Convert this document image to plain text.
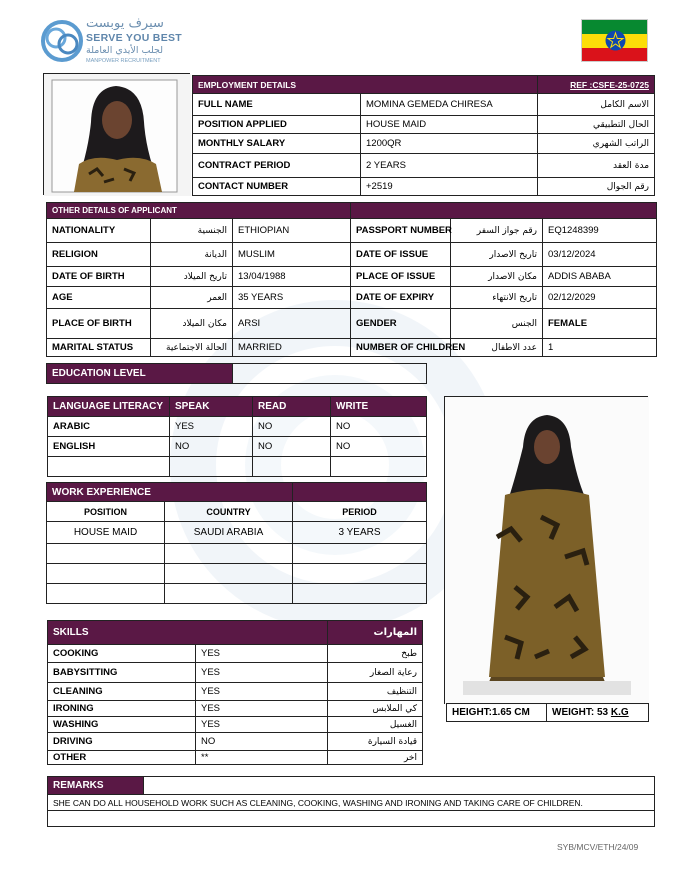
سيرف يوبست
SERVE YOU BEST
لجلب الأيدي العاملة
MANPOWER RECRUITMENT
EMPLOYMENT DETAILS		REF :CSFE-25-0725
FULL NAME	MOMINA GEMEDA CHIRESA	الاسم الكامل
POSITION APPLIED	HOUSE MAID	الحال التطبيقي
MONTHLY SALARY	1200QR	الراتب الشهري
CONTRACT PERIOD	2 YEARS	مدة العقد
CONTACT NUMBER	+2519	رقم الجوال
OTHER DETAILS OF APPLICANT					
NATIONALITY	الجنسية	ETHIOPIAN	PASSPORT NUMBER	رقم جواز السفر	EQ1248399
RELIGION	الديانة	MUSLIM	DATE OF ISSUE	تاريخ الاصدار	03/12/2024
DATE OF BIRTH	تاريخ الميلاد	13/04/1988	PLACE OF ISSUE	مكان الاصدار	ADDIS ABABA
AGE	العمر	35 YEARS	DATE OF EXPIRY	تاريخ الانتهاء	02/12/2029
PLACE OF BIRTH	مكان الميلاد	ARSI	GENDER	الجنس	FEMALE
MARITAL STATUS	الحالة الاجتماعية	MARRIED	NUMBER OF CHILDREN	عدد الاطفال	1
EDUCATION LEVEL	
LANGUAGE LITERACY	SPEAK	READ	WRITE
ARABIC	YES	NO	NO
ENGLISH	NO	NO	NO

WORK EXPERIENCE		
POSITION	COUNTRY	PERIOD
HOUSE MAID	SAUDI ARABIA	3 YEARS

SKILLS		المهارات
COOKING	YES	طبخ
BABYSITTING	YES	رعاية الصغار
CLEANING	YES	التنظيف
IRONING	YES	كي الملابس
WASHING	YES	الغسيل
DRIVING	NO	قيادة السيارة
OTHER	**	اخر
HEIGHT:1.65 CM	WEIGHT: 53 K.G
REMARKS	
SHE CAN DO ALL HOUSEHOLD WORK SUCH AS CLEANING, COOKING, WASHING AND IRONING AND TAKING CARE OF CHILDREN.

SYB/MCV/ETH/24/09
